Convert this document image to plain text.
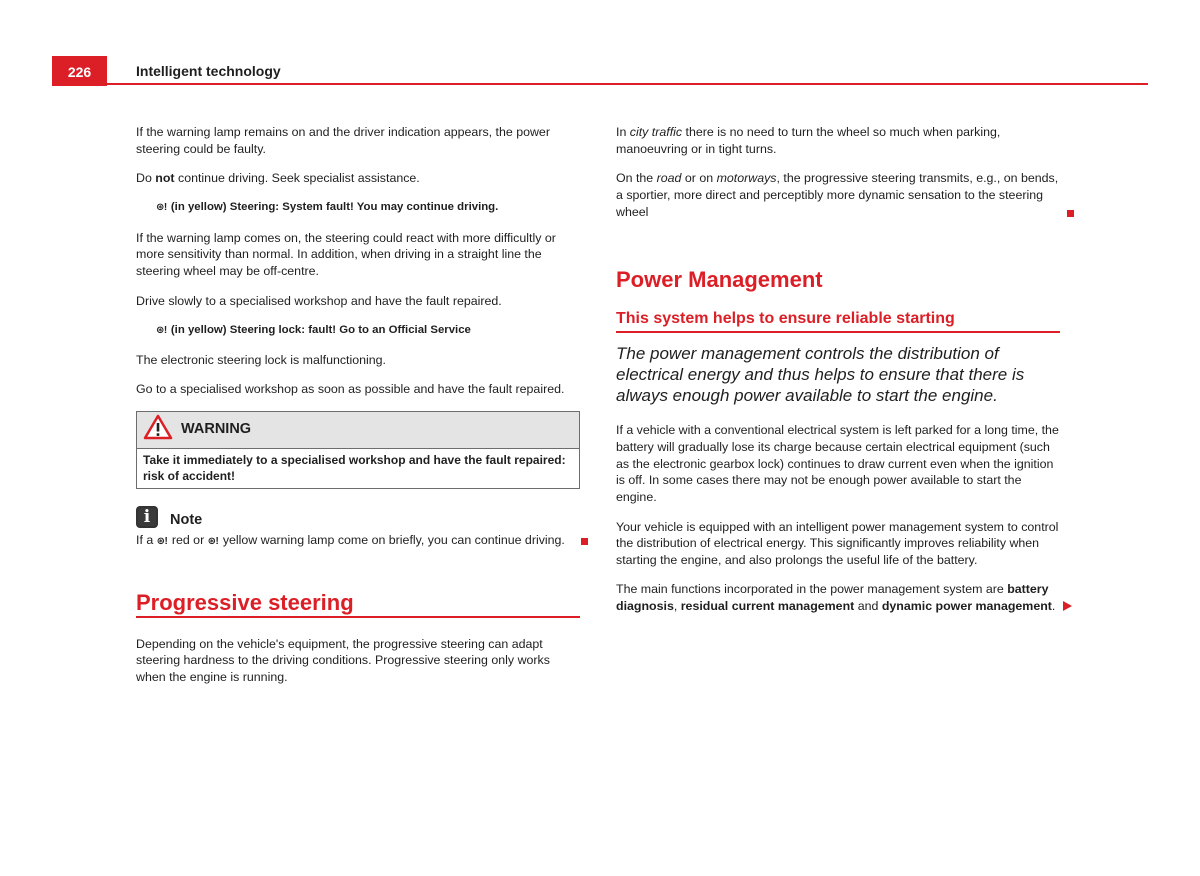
226	Intelligent technology

If the warning lamp remains on and the driver indication appears, the power steering could be faulty.

Do not continue driving. Seek specialist assistance.

⊛! (in yellow) Steering: System fault! You may continue driving.

If the warning lamp comes on, the steering could react with more difficultly or more sensitivity than normal. In addition, when driving in a straight line the steering wheel may be off-centre.

Drive slowly to a specialised workshop and have the fault repaired.

⊛! (in yellow) Steering lock: fault! Go to an Official Service

The electronic steering lock is malfunctioning.

Go to a specialised workshop as soon as possible and have the fault repaired.

WARNING
Take it immediately to a specialised workshop and have the fault repaired: risk of accident!
i	Note

If a ⊛! red or ⊛! yellow warning lamp come on briefly, you can continue driving.

Progressive steering

Depending on the vehicle's equipment, the progressive steering can adapt steering hardness to the driving conditions. Progressive steering only works when the engine is running.

In city traffic there is no need to turn the wheel so much when parking, manoeuvring or in tight turns.

On the road or on motorways, the progressive steering transmits, e.g., on bends, a sportier, more direct and perceptibly more dynamic sensation to the steering wheel

Power Management
This system helps to ensure reliable starting
The power management controls the distribution of electrical energy and thus helps to ensure that there is always enough power available to start the engine.

If a vehicle with a conventional electrical system is left parked for a long time, the battery will gradually lose its charge because certain electrical equipment (such as the electronic gearbox lock) continues to draw current even when the ignition is off. In some cases there may not be enough power available to start the engine.

Your vehicle is equipped with an intelligent power management system to control the distribution of electrical energy. This significantly improves reliability when starting the engine, and also prolongs the useful life of the battery.

The main functions incorporated in the power management system are battery diagnosis, residual current management and dynamic power management.
